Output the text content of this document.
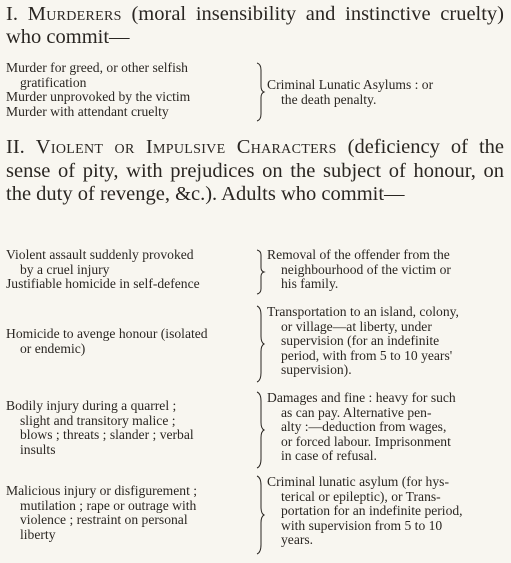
I. Murderers (moral insensibility and instinctive cruelty) who commit—
Murder for greed, or other selfish
gratification
Murder unprovoked by the victim
Murder with attendant cruelty
Criminal Lunatic Asylums : or
the death penalty.
II. Violent or Impulsive Characters (deficiency of the sense of pity, with prejudices on the subject of honour, on the duty of revenge, &c.). Adults who commit—
Violent assault suddenly provoked
by a cruel injury
Justifiable homicide in self-defence
Removal of the offender from the
neighbourhood of the victim or
his family.
Homicide to avenge honour (isolated
or endemic)
Transportation to an island, colony,
or village—at liberty, under
supervision (for an indefinite
period, with from 5 to 10 years'
supervision).
Bodily injury during a quarrel ;
slight and transitory malice ;
blows ; threats ; slander ; verbal
insults
Damages and fine : heavy for such
as can pay. Alternative pen-
alty :—deduction from wages,
or forced labour. Imprisonment
in case of refusal.
Malicious injury or disfigurement ;
mutilation ; rape or outrage with
violence ; restraint on personal
liberty
Criminal lunatic asylum (for hys-
terical or epileptic), or Trans-
portation for an indefinite period,
with supervision from 5 to 10
years.
